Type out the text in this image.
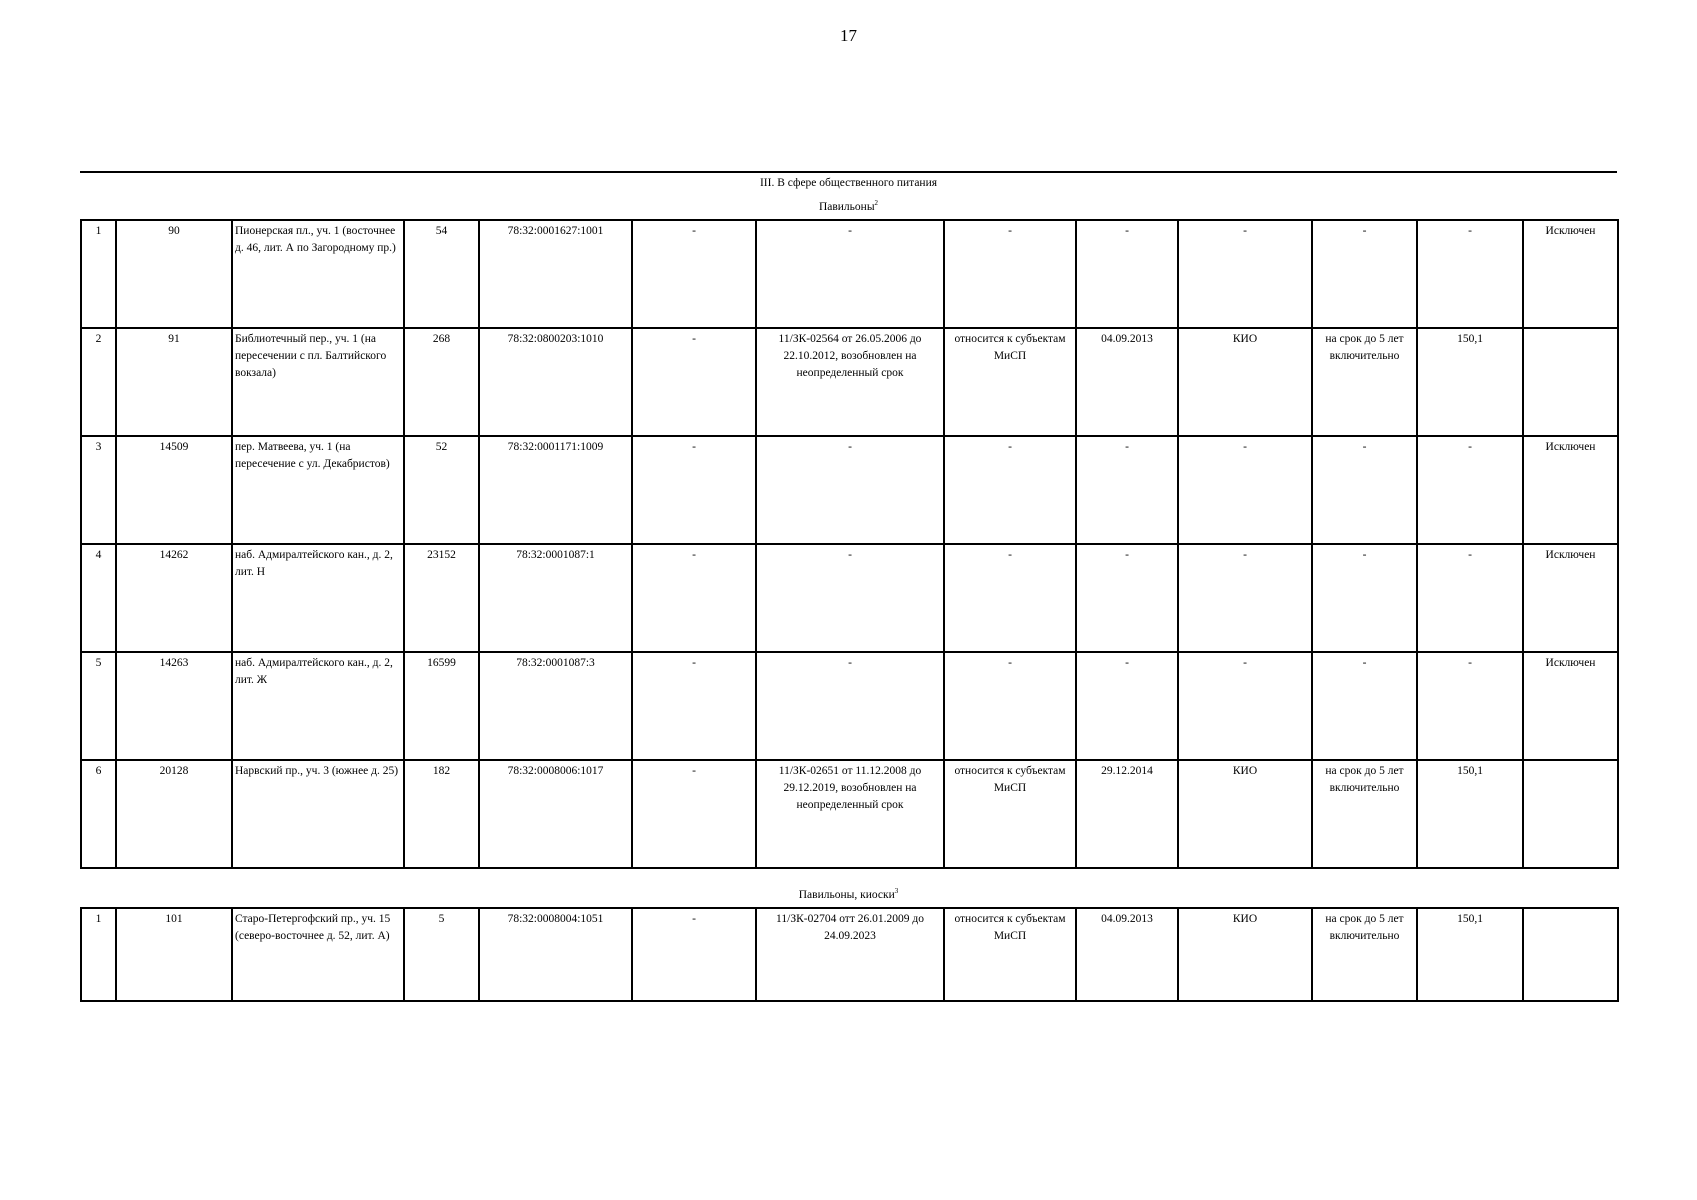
17
III. В сфере общественного питания
Павильоны$^2$
1	90	Пионерская пл., уч. 1 (восточнее д. 46, лит. А по Загородному пр.)	54	78:32:0001627:1001	-	-	-	-	-	-	-	Исключен
2	91	Библиотечный пер., уч. 1 (на пересечении с пл. Балтийского вокзала)	268	78:32:0800203:1010	-	11/ЗК-02564 от 26.05.2006 до 22.10.2012, возобновлен на неопределенный срок	относится к субъектам МиСП	04.09.2013	КИО	на срок до 5 лет включительно	150,1	
3	14509	пер. Матвеева, уч. 1 (на пересечение с ул. Декабристов)	52	78:32:0001171:1009	-	-	-	-	-	-	-	Исключен
4	14262	наб. Адмиралтейского кан., д. 2, лит. Н	23152	78:32:0001087:1	-	-	-	-	-	-	-	Исключен
5	14263	наб. Адмиралтейского кан., д. 2, лит. Ж	16599	78:32:0001087:3	-	-	-	-	-	-	-	Исключен
6	20128	Нарвский пр., уч. 3 (южнее д. 25)	182	78:32:0008006:1017	-	11/ЗК-02651 от 11.12.2008 до 29.12.2019, возобновлен на неопределенный срок	относится к субъектам МиСП	29.12.2014	КИО	на срок до 5 лет включительно	150,1	
Павильоны, киоски$^3$
1	101	Старо-Петергофский пр., уч. 15 (северо-восточнее д. 52, лит. А)	5	78:32:0008004:1051	-	11/ЗК-02704 отт 26.01.2009 до 24.09.2023	относится к субъектам МиСП	04.09.2013	КИО	на срок до 5 лет включительно	150,1	
